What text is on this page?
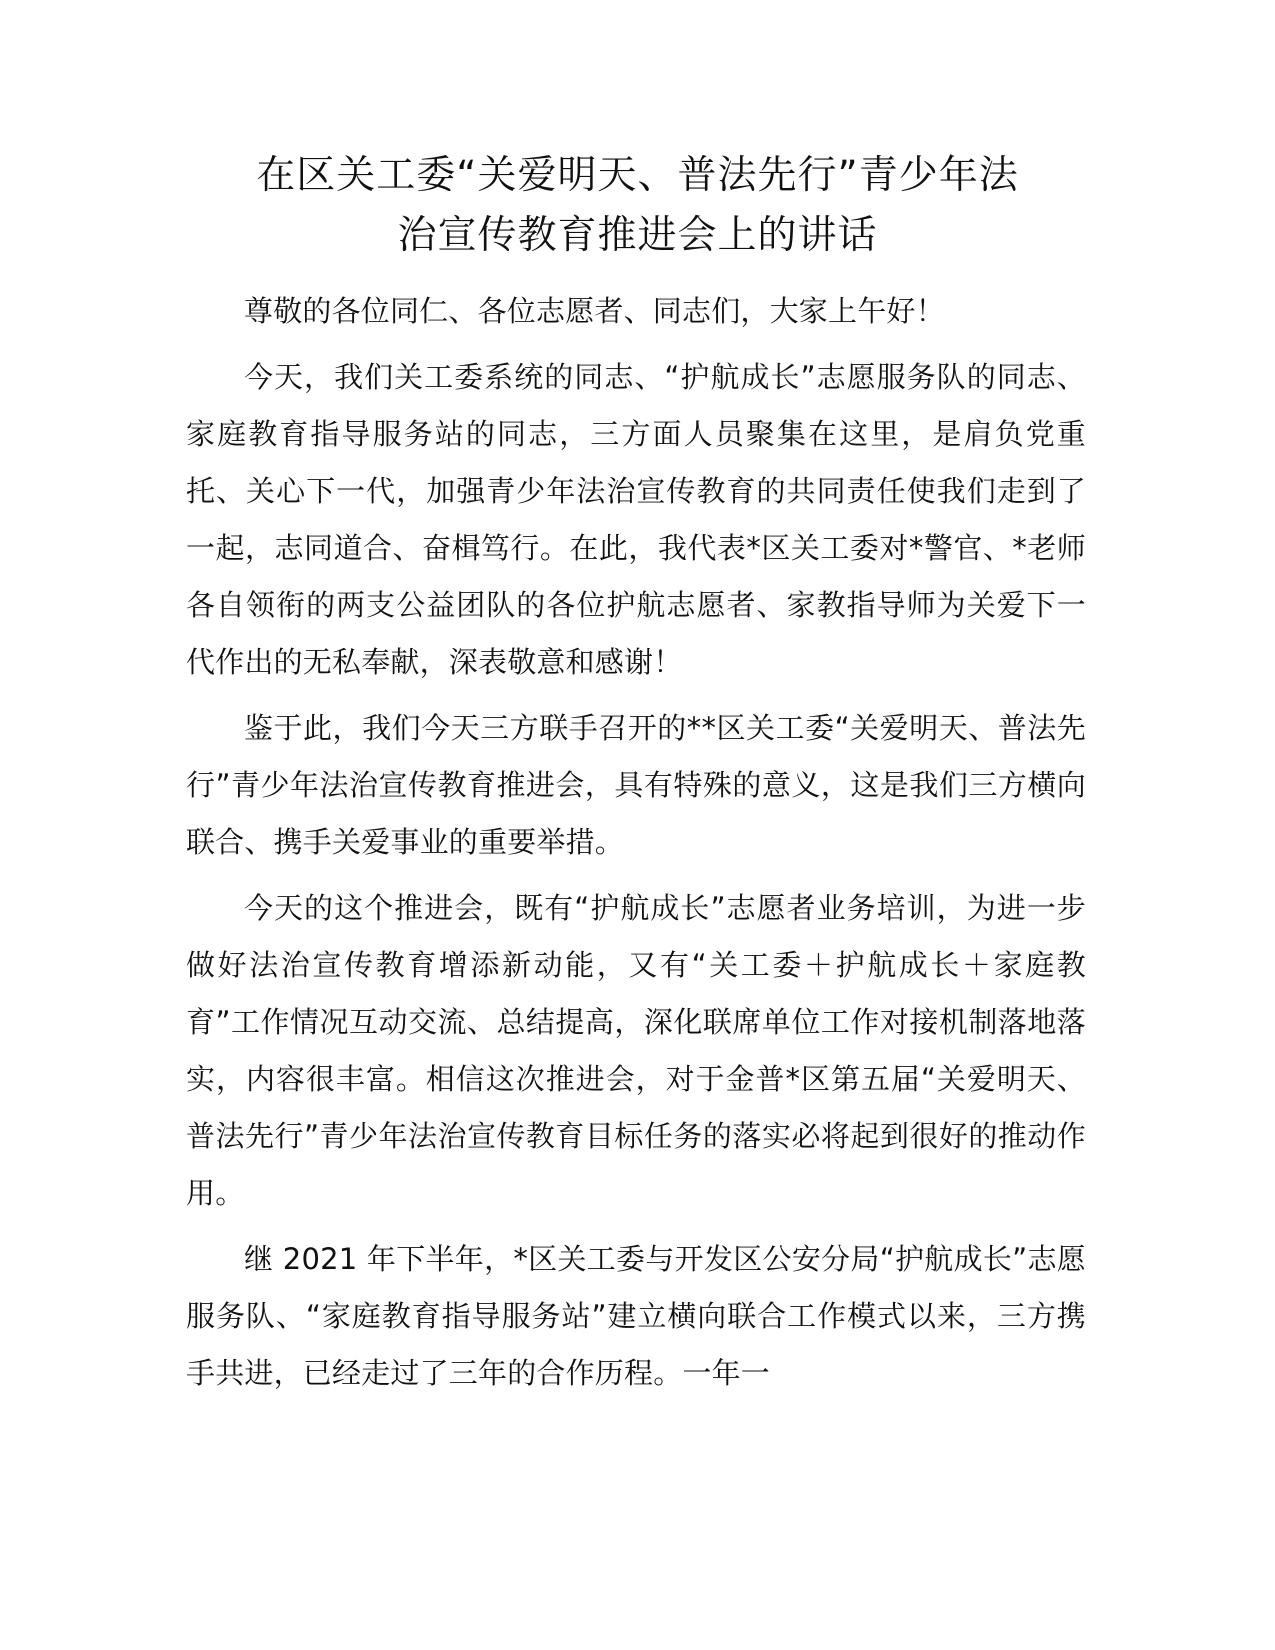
在区关工委“关爱明天、普法先行”青少年法
治宣传教育推进会上的讲话

尊敬的各位同仁、各位志愿者、同志们，大家上午好！

今天，我们关工委系统的同志、“护航成长”志愿服务队的同志、家庭教育指导服务站的同志，三方面人员聚集在这里，是肩负党重托、关心下一代，加强青少年法治宣传教育的共同责任使我们走到了一起，志同道合、奋楫笃行。在此，我代表*区关工委对*警官、*老师各自领衔的两支公益团队的各位护航志愿者、家教指导师为关爱下一代作出的无私奉献，深表敬意和感谢！

鉴于此，我们今天三方联手召开的**区关工委“关爱明天、普法先行”青少年法治宣传教育推进会，具有特殊的意义，这是我们三方横向联合、携手关爱事业的重要举措。

今天的这个推进会，既有“护航成长”志愿者业务培训，为进一步做好法治宣传教育增添新动能，又有“关工委＋护航成长＋家庭教育”工作情况互动交流、总结提高，深化联席单位工作对接机制落地落实，内容很丰富。相信这次推进会，对于金普*区第五届“关爱明天、普法先行”青少年法治宣传教育目标任务的落实必将起到很好的推动作用。

继 2021 年下半年，*区关工委与开发区公安分局“护航成长”志愿服务队、“家庭教育指导服务站”建立横向联合工作模式以来，三方携手共进，已经走过了三年的合作历程。一年一
